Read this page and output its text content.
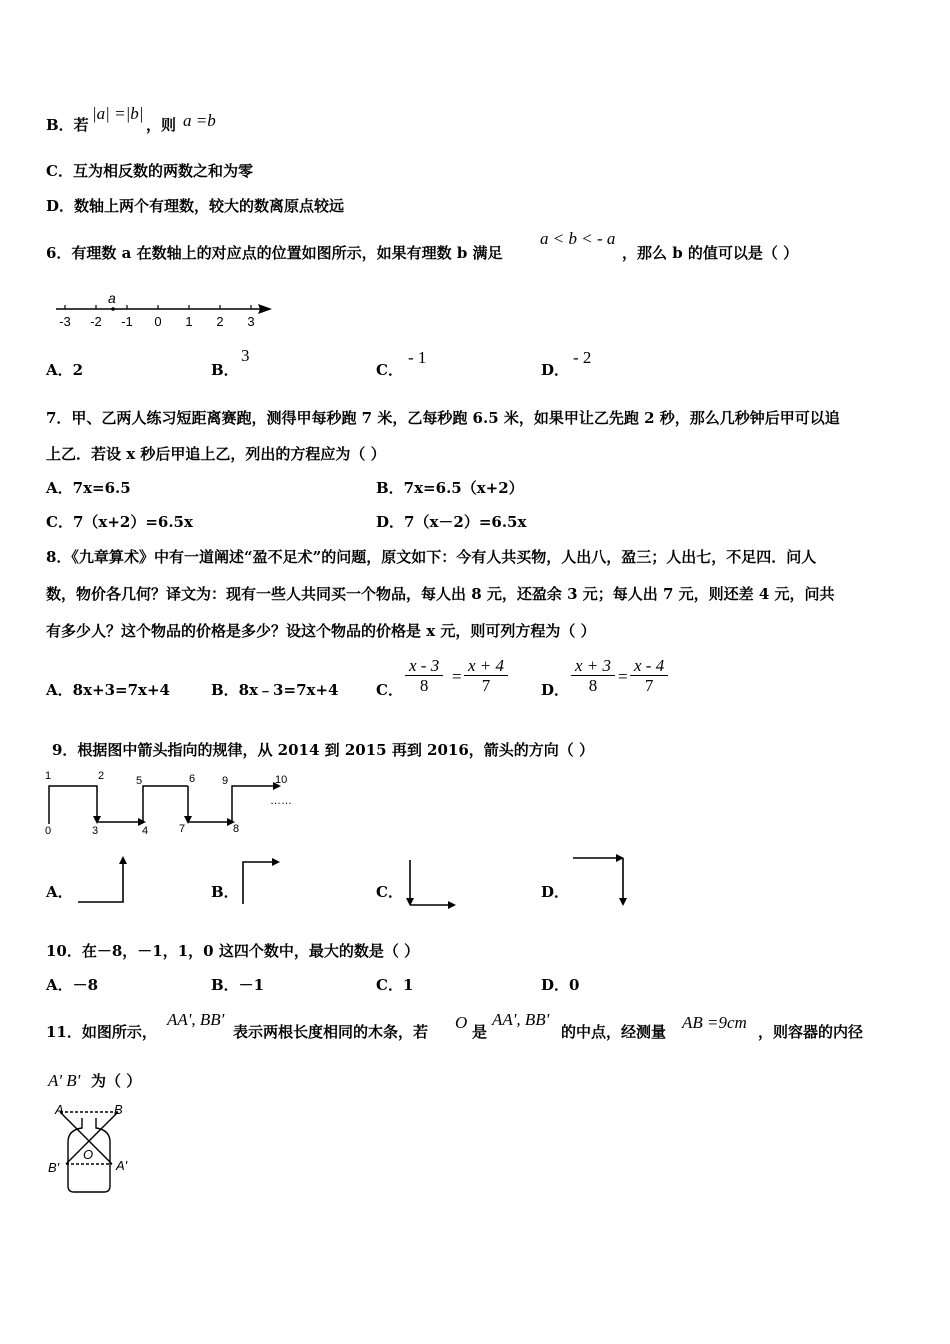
B．若
|a| =|b|
，则 a =b
C．互为相反数的两数之和为零
D．数轴上两个有理数，较大的数离原点较远
6．有理数 a 在数轴上的对应点的位置如图所示，如果有理数 b 满足
a < b < - a
，那么 b 的值可以是（ ）
-3 -2 -1 0 1 2 3
a
A．2	B．
3
C．
- 1
D．
- 2
7．甲、乙两人练习短距离赛跑，测得甲每秒跑 7 米，乙每秒跑 6.5 米，如果甲让乙先跑 2 秒，那么几秒钟后甲可以追
上乙．若设 x 秒后甲追上乙，列出的方程应为（ ）
A．7x=6.5	B．7x=6.5（x+2）
C．7（x+2）=6.5x	D．7（x－2）=6.5x
8．《九章算术》中有一道阐述“盈不足术”的问题，原文如下：今有人共买物，人出八，盈三；人出七，不足四．问人
数，物价各几何？译文为：现有一些人共同买一个物品，每人出 8 元，还盈余 3 元；每人出 7 元，则还差 4 元，问共
有多少人？这个物品的价格是多少？设这个物品的价格是 x 元，则可列方程为（ ）
A．8x+3=7x+4	B．8x﹣3=7x+4	C． $\frac{x - 3}{8} = \frac{x + 4}{7}$ D． $\frac{x + 3}{8} = \frac{x - 4}{7}$
9．根据图中箭头指向的规律，从 2014 到 2015 再到 2016，箭头的方向（ ）
0
1	2
3	4
5	6
7	8
9	10
……
A．	B．	C．	D．
10．在－8，－1，1，0 这四个数中，最大的数是（ ）
A．－8	B．－1	C．1	D．0
11．如图所示，
AA', BB'
表示两根长度相同的木条，若 O 是
AA', BB'
的中点，经测量 AB =9cm ，则容器的内径
A' B' 为（ ）
A	B
O
B'	A'
